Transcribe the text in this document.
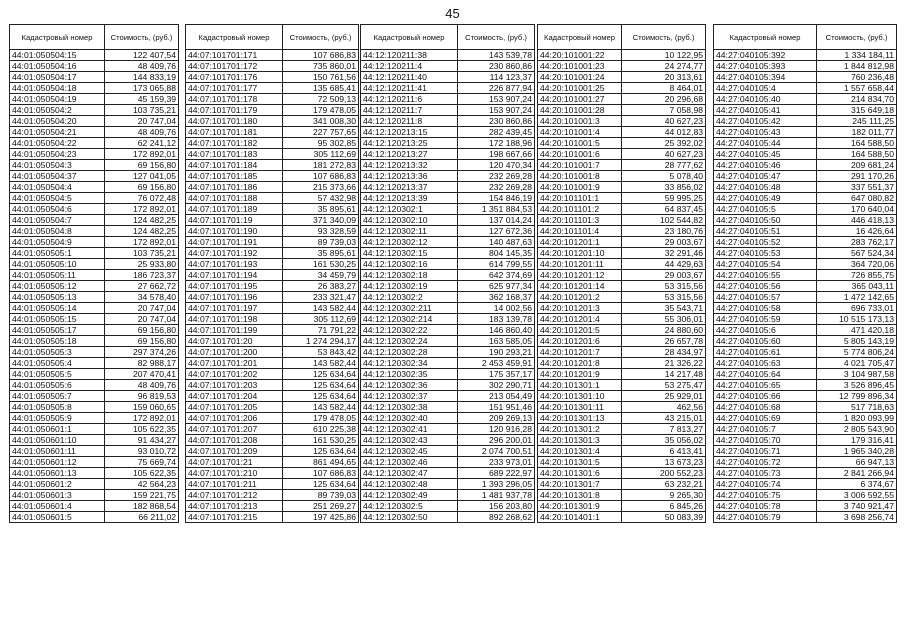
45
Кадастровый номер	Стоимость, (руб.)
44:01:050504:15	122 407,54
44:01:050504:16	48 409,76
44:01:050504:17	144 833,19
44:01:050504:18	173 065,88
44:01:050504:19	45 159,39
44:01:050504:2	103 735,21
44:01:050504:20	20 747,04
44:01:050504:21	48 409,76
44:01:050504:22	62 241,12
44:01:050504:23	172 892,01
44:01:050504:3	69 156,80
44:01:050504:37	127 041,05
44:01:050504:4	69 156,80
44:01:050504:5	76 072,48
44:01:050504:6	172 892,01
44:01:050504:7	124 482,25
44:01:050504:8	124 482,25
44:01:050504:9	172 892,01
44:01:050505:1	103 735,21
44:01:050505:10	25 933,80
44:01:050505:11	186 723,37
44:01:050505:12	27 662,72
44:01:050505:13	34 578,40
44:01:050505:14	20 747,04
44:01:050505:15	20 747,04
44:01:050505:17	69 156,80
44:01:050505:18	69 156,80
44:01:050505:3	297 374,26
44:01:050505:4	82 988,17
44:01:050505:5	207 470,41
44:01:050505:6	48 409,76
44:01:050505:7	96 819,53
44:01:050505:8	159 060,65
44:01:050505:9	172 892,01
44:01:050601:1	105 622,35
44:01:050601:10	91 434,27
44:01:050601:11	93 010,72
44:01:050601:12	75 669,74
44:01:050601:13	105 622,35
44:01:050601:2	42 564,23
44:01:050601:3	159 221,75
44:01:050601:4	182 868,54
44:01:050601:5	66 211,02
Кадастровый номер	Стоимость, (руб.)
44:07:101701:171	107 686,83
44:07:101701:172	735 860,01
44:07:101701:176	150 761,56
44:07:101701:177	135 685,41
44:07:101701:178	72 509,13
44:07:101701:179	179 478,05
44:07:101701:180	341 008,30
44:07:101701:181	227 757,65
44:07:101701:182	95 302,85
44:07:101701:183	305 112,69
44:07:101701:184	181 272,83
44:07:101701:185	107 686,83
44:07:101701:186	215 373,66
44:07:101701:188	57 432,98
44:07:101701:189	35 895,61
44:07:101701:19	371 340,09
44:07:101701:190	93 328,59
44:07:101701:191	89 739,03
44:07:101701:192	35 895,61
44:07:101701:193	161 530,25
44:07:101701:194	34 459,79
44:07:101701:195	26 383,27
44:07:101701:196	233 321,47
44:07:101701:197	143 582,44
44:07:101701:198	305 112,69
44:07:101701:199	71 791,22
44:07:101701:20	1 274 294,17
44:07:101701:200	53 843,42
44:07:101701:201	143 582,44
44:07:101701:202	125 634,64
44:07:101701:203	125 634,64
44:07:101701:204	125 634,64
44:07:101701:205	143 582,44
44:07:101701:206	179 478,05
44:07:101701:207	610 225,38
44:07:101701:208	161 530,25
44:07:101701:209	125 634,64
44:07:101701:21	861 494,65
44:07:101701:210	107 686,83
44:07:101701:211	125 634,64
44:07:101701:212	89 739,03
44:07:101701:213	251 269,27
44:07:101701:215	197 425,86
Кадастровый номер	Стоимость, (руб.)
44:12:120211:38	143 539,78
44:12:120211:4	230 860,86
44:12:120211:40	114 123,37
44:12:120211:41	226 877,94
44:12:120211:6	153 907,24
44:12:120211:7	153 907,24
44:12:120211:8	230 860,86
44:12:120213:15	282 439,45
44:12:120213:25	172 188,96
44:12:120213:27	198 667,66
44:12:120213:32	120 470,34
44:12:120213:36	232 269,28
44:12:120213:37	232 269,28
44:12:120213:39	154 846,19
44:12:120302:1	1 351 884,53
44:12:120302:10	137 014,24
44:12:120302:11	127 672,36
44:12:120302:12	140 487,63
44:12:120302:15	804 145,35
44:12:120302:16	614 799,55
44:12:120302:18	642 374,69
44:12:120302:19	625 977,34
44:12:120302:2	362 168,37
44:12:120302:211	14 002,56
44:12:120302:214	183 139,78
44:12:120302:22	146 860,40
44:12:120302:24	163 585,05
44:12:120302:28	190 293,21
44:12:120302:34	2 453 459,91
44:12:120302:35	175 357,17
44:12:120302:36	302 290,71
44:12:120302:37	213 054,49
44:12:120302:38	151 951,46
44:12:120302:40	209 269,13
44:12:120302:41	120 916,28
44:12:120302:43	296 200,01
44:12:120302:45	2 074 700,51
44:12:120302:46	233 973,01
44:12:120302:47	689 222,97
44:12:120302:48	1 393 296,05
44:12:120302:49	1 481 937,78
44:12:120302:5	156 203,80
44:12:120302:50	892 268,62
Кадастровый номер	Стоимость, (руб.)
44:20:101001:22	10 122,95
44:20:101001:23	24 274,77
44:20:101001:24	20 313,61
44:20:101001:25	8 464,01
44:20:101001:27	20 296,68
44:20:101001:28	7 058,98
44:20:101001:3	40 627,23
44:20:101001:4	44 012,83
44:20:101001:5	25 392,02
44:20:101001:6	40 627,23
44:20:101001:7	28 777,62
44:20:101001:8	5 078,40
44:20:101001:9	33 856,02
44:20:101101:1	59 995,25
44:20:101101:2	64 837,45
44:20:101101:3	102 544,82
44:20:101101:4	23 180,76
44:20:101201:1	29 003,67
44:20:101201:10	32 291,46
44:20:101201:11	44 429,63
44:20:101201:12	29 003,67
44:20:101201:14	53 315,56
44:20:101201:2	53 315,56
44:20:101201:3	35 543,71
44:20:101201:4	55 306,01
44:20:101201:5	24 880,60
44:20:101201:6	26 657,78
44:20:101201:7	28 434,97
44:20:101201:8	21 326,22
44:20:101201:9	14 217,48
44:20:101301:1	53 275,47
44:20:101301:10	25 929,01
44:20:101301:11	462,56
44:20:101301:13	43 215,01
44:20:101301:2	7 813,27
44:20:101301:3	35 056,02
44:20:101301:4	6 413,41
44:20:101301:5	13 673,23
44:20:101301:6	200 552,23
44:20:101301:7	63 232,21
44:20:101301:8	9 265,30
44:20:101301:9	6 845,26
44:20:101401:1	50 083,39
Кадастровый номер	Стоимость, (руб.)
44:27:040105:392	1 334 184,11
44:27:040105:393	1 844 812,98
44:27:040105:394	760 236,48
44:27:040105:4	1 557 658,44
44:27:040105:40	214 834,70
44:27:040105:41	315 649,18
44:27:040105:42	245 111,25
44:27:040105:43	182 011,77
44:27:040105:44	164 588,50
44:27:040105:45	164 588,50
44:27:040105:46	209 681,24
44:27:040105:47	291 170,26
44:27:040105:48	337 551,37
44:27:040105:49	647 080,82
44:27:040105:5	170 640,04
44:27:040105:50	446 418,13
44:27:040105:51	16 426,64
44:27:040105:52	283 762,17
44:27:040105:53	567 524,34
44:27:040105:54	364 720,06
44:27:040105:55	726 855,75
44:27:040105:56	365 043,11
44:27:040105:57	1 472 142,65
44:27:040105:58	696 733,01
44:27:040105:59	10 515 173,13
44:27:040105:6	471 420,18
44:27:040105:60	5 805 143,19
44:27:040105:61	5 774 806,24
44:27:040105:63	4 021 705,47
44:27:040105:64	3 104 987,58
44:27:040105:65	3 526 896,45
44:27:040105:66	12 799 896,34
44:27:040105:68	517 718,63
44:27:040105:69	1 820 093,99
44:27:040105:7	2 805 543,90
44:27:040105:70	179 316,41
44:27:040105:71	1 965 340,28
44:27:040105:72	66 947,13
44:27:040105:73	2 841 266,94
44:27:040105:74	6 374,67
44:27:040105:75	3 006 592,55
44:27:040105:78	3 740 921,47
44:27:040105:79	3 698 256,74
